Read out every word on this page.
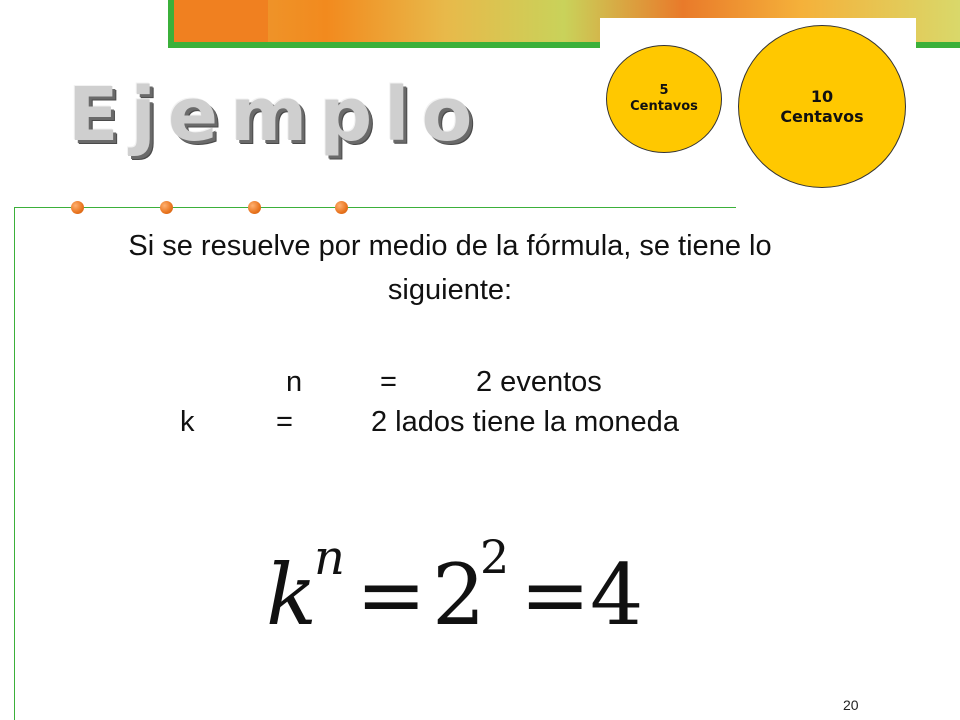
Ejemplo	5
Centavos
10
Centavos

Si se resuelve por medio de la fórmula, se tiene lo

siguiente:

n	=	2 eventos
k	=	2 lados tiene la moneda
k
n = 2
2 = 4
20
